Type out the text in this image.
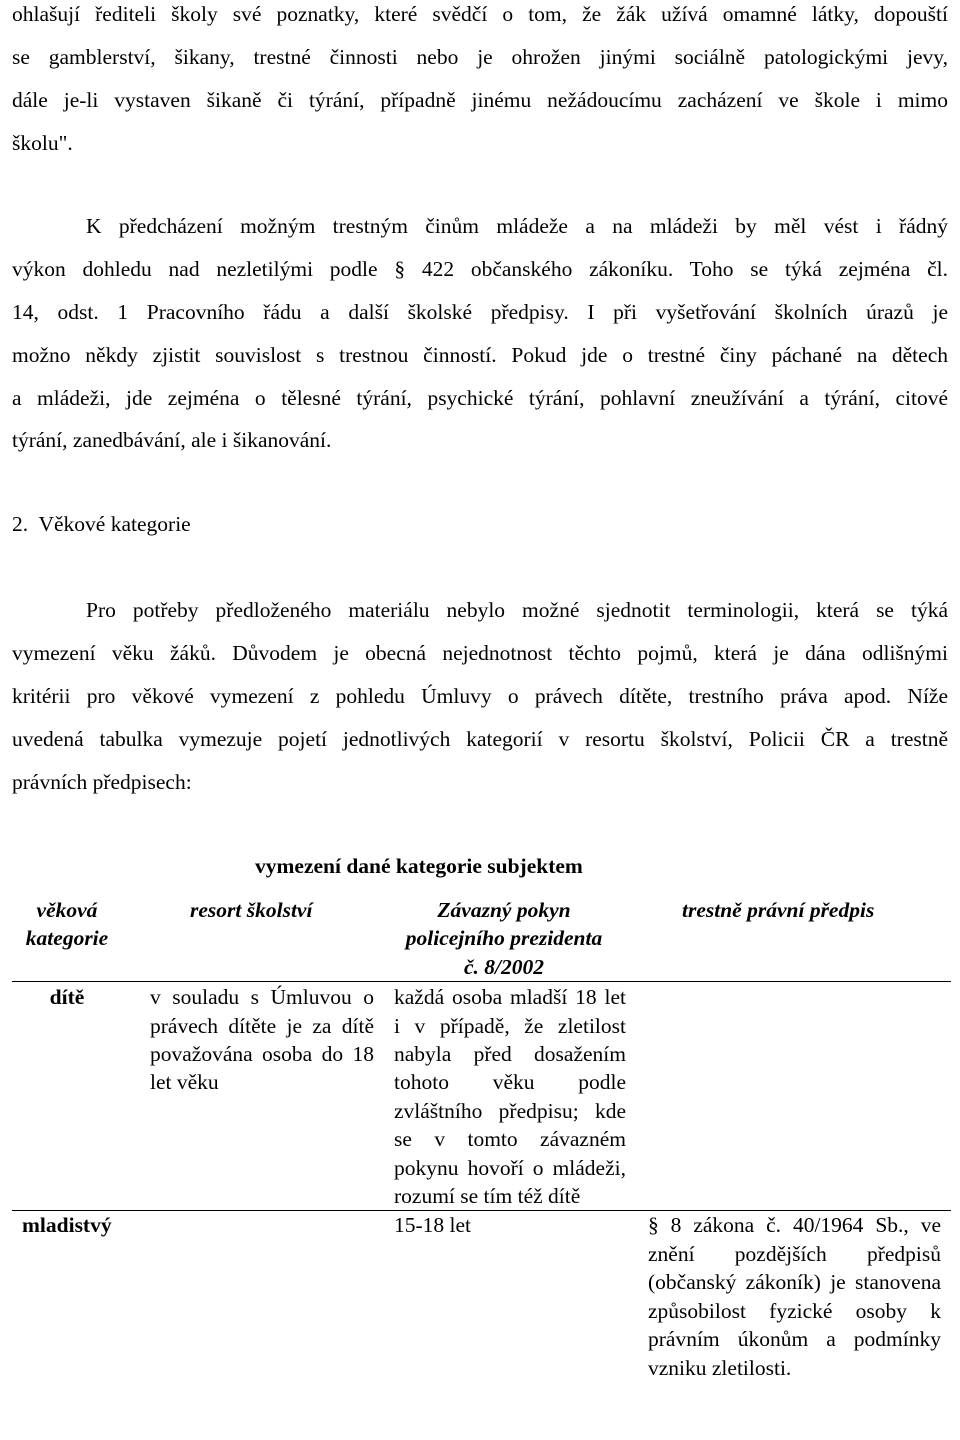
ohlašují řediteli školy své poznatky, které svědčí o tom, že žák užívá omamné látky, dopouští
se gamblerství, šikany, trestné činnosti nebo je ohrožen jinými sociálně patologickými jevy,
dále je-li vystaven šikaně či týrání, případně jinému nežádoucímu zacházení ve škole i mimo
školu".
K předcházení možným trestným činům mládeže a na mládeži by měl vést i řádný
výkon dohledu nad nezletilými podle § 422 občanského zákoníku. Toho se týká zejména čl.
14, odst. 1 Pracovního řádu a další školské předpisy. I při vyšetřování školních úrazů je
možno někdy zjistit souvislost s trestnou činností. Pokud jde o trestné činy páchané na dětech
a mládeži, jde zejména o tělesné týrání, psychické týrání, pohlavní zneužívání a týrání, citové
týrání, zanedbávání, ale i šikanování.
2.  Věkové kategorie
Pro potřeby předloženého materiálu nebylo možné sjednotit terminologii, která se týká
vymezení věku žáků. Důvodem je obecná nejednotnost těchto pojmů, která je dána odlišnými
kritérii pro věkové vymezení z pohledu Úmluvy o právech dítěte, trestního práva apod. Níže
uvedená tabulka vymezuje pojetí jednotlivých kategorií v resortu školství, Policii ČR a trestně
právních předpisech:
vymezení dané kategorie subjektem
věková kategorie	resort školství	Závazný pokyn policejního prezidenta č. 8/2002	trestně právní předpis
dítě	v souladu s Úmluvou o právech dítěte je za dítě považována osoba do 18 let věku	každá osoba mladší 18 let i v případě, že zletilost nabyla před dosažením tohoto věku podle zvláštního předpisu; kde se v tomto závazném pokynu hovoří o mládeži, rozumí se tím též dítě	
mladistvý		15-18 let	§ 8 zákona č. 40/1964 Sb., ve znění pozdějších předpisů (občanský zákoník) je stanovena způsobilost fyzické osoby k právním úkonům a podmínky vzniku zletilosti.
